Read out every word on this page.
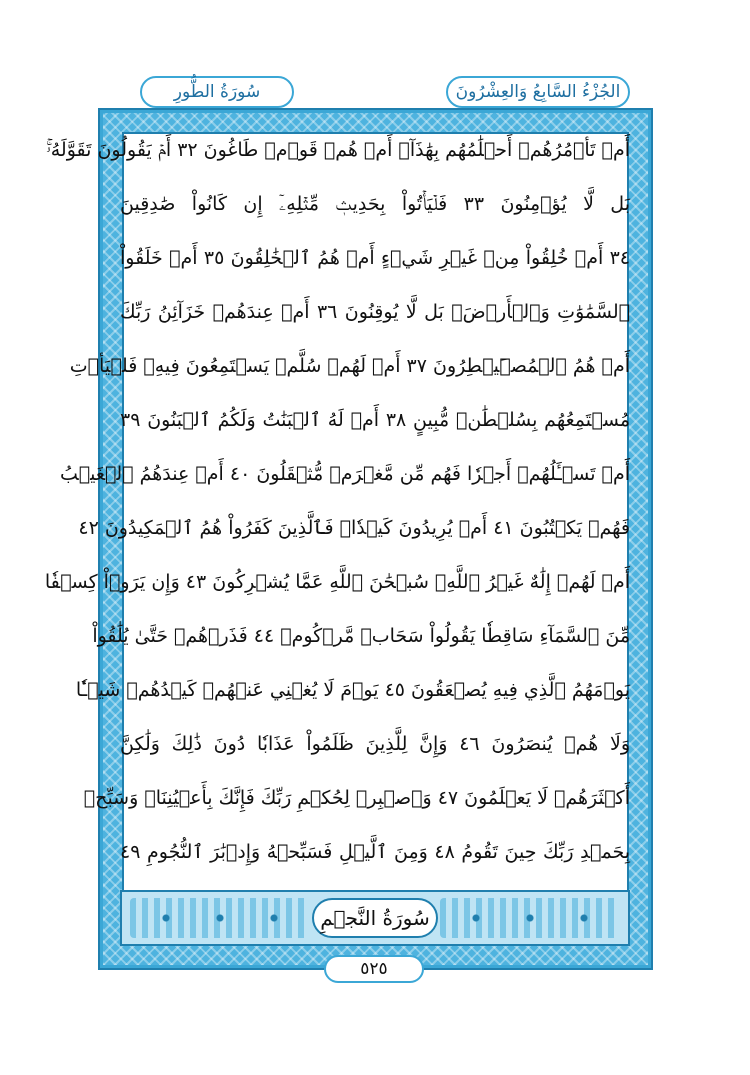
سُورَةُ الطُّورِ	الجُزْءُ السَّابِعُ وَالعِشْرُونَ
أَمۡ تَأۡمُرُهُمۡ أَحۡلَٰمُهُم بِهَٰذَآۚ أَمۡ هُمۡ قَوۡمٞ طَاغُونَ ٣٢ أَمۡ يَقُولُونَ تَقَوَّلَهُۥۚ
بَل لَّا يُؤۡمِنُونَ ٣٣ فَلۡيَأۡتُواْ بِحَدِيثٖ مِّثۡلِهِۦٓ إِن كَانُواْ صَٰدِقِينَ
٣٤ أَمۡ خُلِقُواْ مِنۡ غَيۡرِ شَيۡءٍ أَمۡ هُمُ ٱلۡخَٰلِقُونَ ٣٥ أَمۡ خَلَقُواْ
ٱلسَّمَٰوَٰتِ وَٱلۡأَرۡضَۚ بَل لَّا يُوقِنُونَ ٣٦ أَمۡ عِندَهُمۡ خَزَآئِنُ رَبِّكَ
أَمۡ هُمُ ٱلۡمُصَۜيۡطِرُونَ ٣٧ أَمۡ لَهُمۡ سُلَّمٞ يَسۡتَمِعُونَ فِيهِۖ فَلۡيَأۡتِ
مُسۡتَمِعُهُم بِسُلۡطَٰنٖ مُّبِينٍ ٣٨ أَمۡ لَهُ ٱلۡبَنَٰتُ وَلَكُمُ ٱلۡبَنُونَ ٣٩
أَمۡ تَسۡـَٔلُهُمۡ أَجۡرٗا فَهُم مِّن مَّغۡرَمٖ مُّثۡقَلُونَ ٤٠ أَمۡ عِندَهُمُ ٱلۡغَيۡبُ
فَهُمۡ يَكۡتُبُونَ ٤١ أَمۡ يُرِيدُونَ كَيۡدٗاۖ فَٱلَّذِينَ كَفَرُواْ هُمُ ٱلۡمَكِيدُونَ ٤٢
أَمۡ لَهُمۡ إِلَٰهٌ غَيۡرُ ٱللَّهِۚ سُبۡحَٰنَ ٱللَّهِ عَمَّا يُشۡرِكُونَ ٤٣ وَإِن يَرَوۡاْ كِسۡفٗا
مِّنَ ٱلسَّمَآءِ سَاقِطٗا يَقُولُواْ سَحَابٞ مَّرۡكُومٞ ٤٤ فَذَرۡهُمۡ حَتَّىٰ يُلَٰقُواْ
يَوۡمَهُمُ ٱلَّذِي فِيهِ يُصۡعَقُونَ ٤٥ يَوۡمَ لَا يُغۡنِي عَنۡهُمۡ كَيۡدُهُمۡ شَيۡـٔٗا
وَلَا هُمۡ يُنصَرُونَ ٤٦ وَإِنَّ لِلَّذِينَ ظَلَمُواْ عَذَابٗا دُونَ ذَٰلِكَ وَلَٰكِنَّ
أَكۡثَرَهُمۡ لَا يَعۡلَمُونَ ٤٧ وَٱصۡبِرۡ لِحُكۡمِ رَبِّكَ فَإِنَّكَ بِأَعۡيُنِنَاۖ وَسَبِّحۡ
بِحَمۡدِ رَبِّكَ حِينَ تَقُومُ ٤٨ وَمِنَ ٱلَّيۡلِ فَسَبِّحۡهُ وَإِدۡبَٰرَ ٱلنُّجُومِ ٤٩
سُورَةُ النَّجۡمِ
٥٢٥
